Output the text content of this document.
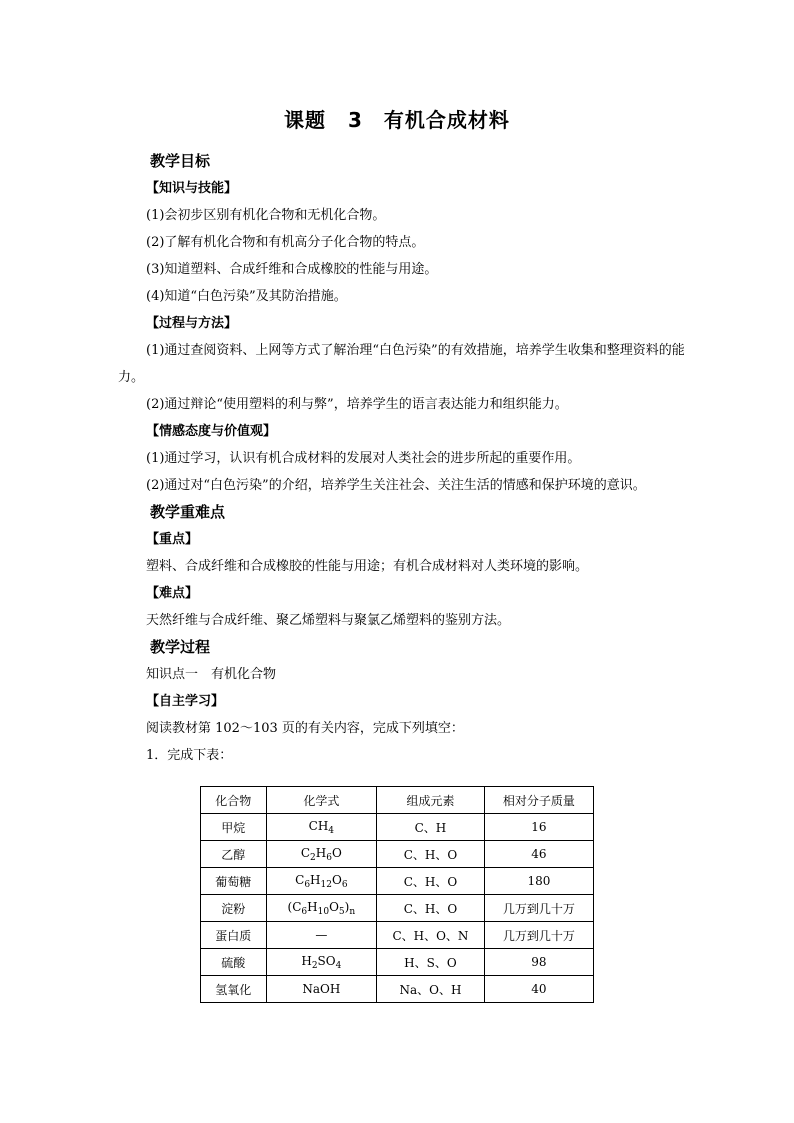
课题 3　有机合成材料

教学目标

【知识与技能】

(1)会初步区别有机化合物和无机化合物。

(2)了解有机化合物和有机高分子化合物的特点。

(3)知道塑料、合成纤维和合成橡胶的性能与用途。

(4)知道“白色污染”及其防治措施。

【过程与方法】

(1)通过查阅资料、上网等方式了解治理“白色污染”的有效措施，培养学生收集和整理资料的能力。

(2)通过辩论“使用塑料的利与弊”，培养学生的语言表达能力和组织能力。

【情感态度与价值观】

(1)通过学习，认识有机合成材料的发展对人类社会的进步所起的重要作用。

(2)通过对“白色污染”的介绍，培养学生关注社会、关注生活的情感和保护环境的意识。

教学重难点

【重点】

塑料、合成纤维和合成橡胶的性能与用途；有机合成材料对人类环境的影响。

【难点】

天然纤维与合成纤维、聚乙烯塑料与聚氯乙烯塑料的鉴别方法。

教学过程

知识点一　有机化合物

【自主学习】

阅读教材第 102～103 页的有关内容，完成下列填空：

1．完成下表：

化合物	化学式	组成元素	相对分子质量
甲烷	$CH_4$	C、H	16
乙醇	$C_2H_6O$	C、H、O	46
葡萄糖	$C_6H_{12}O_6$	C、H、O	180
淀粉	$(C_6H_{10}O_5)_n$	C、H、O	几万到几十万
蛋白质	—	C、H、O、N	几万到几十万
硫酸	$H_2SO_4$	H、S、O	98
氢氧化	NaOH	Na、O、H	40
